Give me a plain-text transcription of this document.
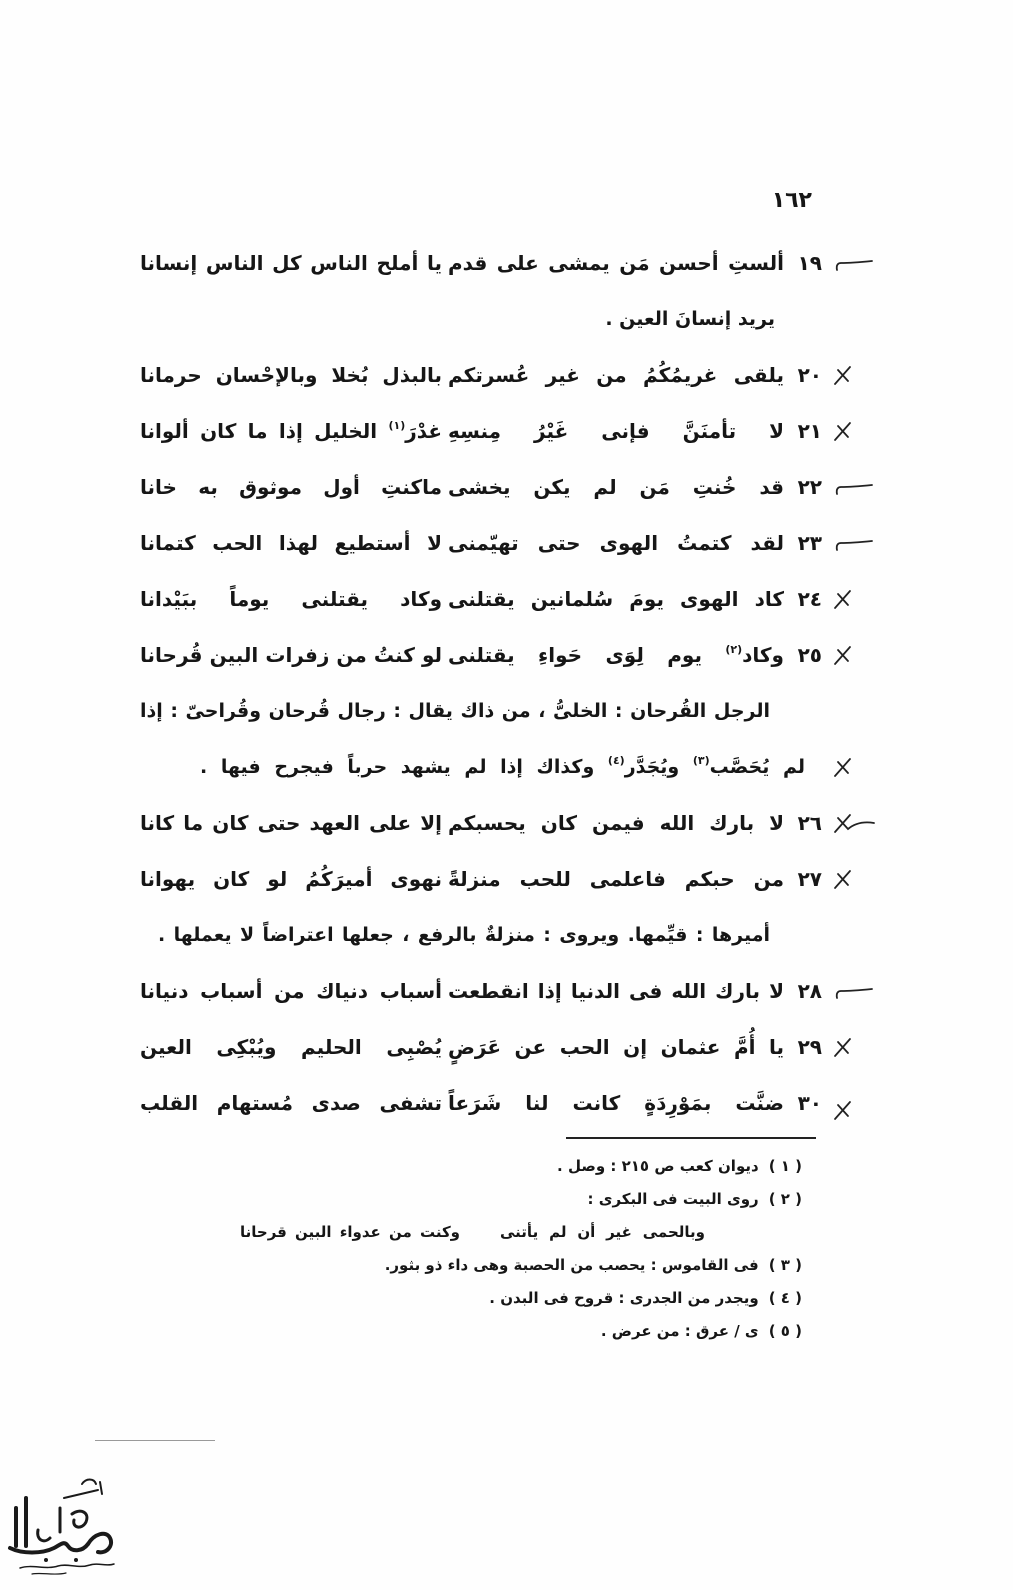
١٦٢
١٩
ألستِ أحسن مَن يمشى على قدم
يا أملح الناس كل الناس إنسانا
يريد إنسانَ العين .
٢٠
يلقى غريمُكُمُ من غير عُسرتكم
بالبذل بُخلا وبالإحْسان حرمانا
٢١
لا تأمنَنَّ فإنى غَيْرُ مِنسِهِ
غدْرَ$^{(١)}$ الخليل إذا ما كان ألوانا
٢٢
قد خُنتِ مَن لم يكن يخشى
ماكنتِ أول موثوق به خانا
٢٣
لقد كتمتُ الهوى حتى تهيّمنى
لا أستطيع لهذا الحب كتمانا
٢٤
كاد الهوى يومَ سُلمانين يقتلنى
وكاد يقتلنى يوماً ببَيْدانا
٢٥
وكاد$^{(٢)}$ يوم لِوَى حَواءِ يقتلنى
لو كنتُ من زفرات البين قُرحانا
الرجل القُرحان : الخلىُّ ، من ذاك يقال : رجال قُرحان وقُراحىّ : إذا
لم يُحَصَّب$^{(٣)}$ ويُجَدَّر$^{(٤)}$ وكذاك إذا لم يشهد حرباً فيجرح فيها .
٢٦
لا بارك الله فيمن كان يحسبكم
إلا على العهد حتى كان ما كانا
٢٧
من حبكم فاعلمى للحب منزلةً
نهوى أميرَكُمُ لو كان يهوانا
أميرها : قيِّمها. ويروى : منزلةٌ بالرفع ، جعلها اعتراضاً لا يعملها .
٢٨
لا بارك الله فى الدنيا إذا انقطعت
أسباب دنياك من أسباب دنيانا
٢٩
يا أُمَّ عثمان إن الحب عن عَرَضٍ
يُصْبِى الحليم ويُبْكِى العين
٣٠
ضنَّت بمَوْرِدَةٍ كانت لنا شَرَعاً
تشفى صدى مُستهام القلب
( ١ )ديوان كعب ص ٢١٥ : وصل .
( ٢ )روى البيت فى البكرى :
وبالحمى غير أن لم يأتنى
وكنت من عدواء البين قرحانا
( ٣ )فى القاموس : يحصب من الحصبة وهى داء ذو بثور.
( ٤ )ويجدر من الجدرى : قروح فى البدن .
( ٥ )ى / عرق : من عرض .
